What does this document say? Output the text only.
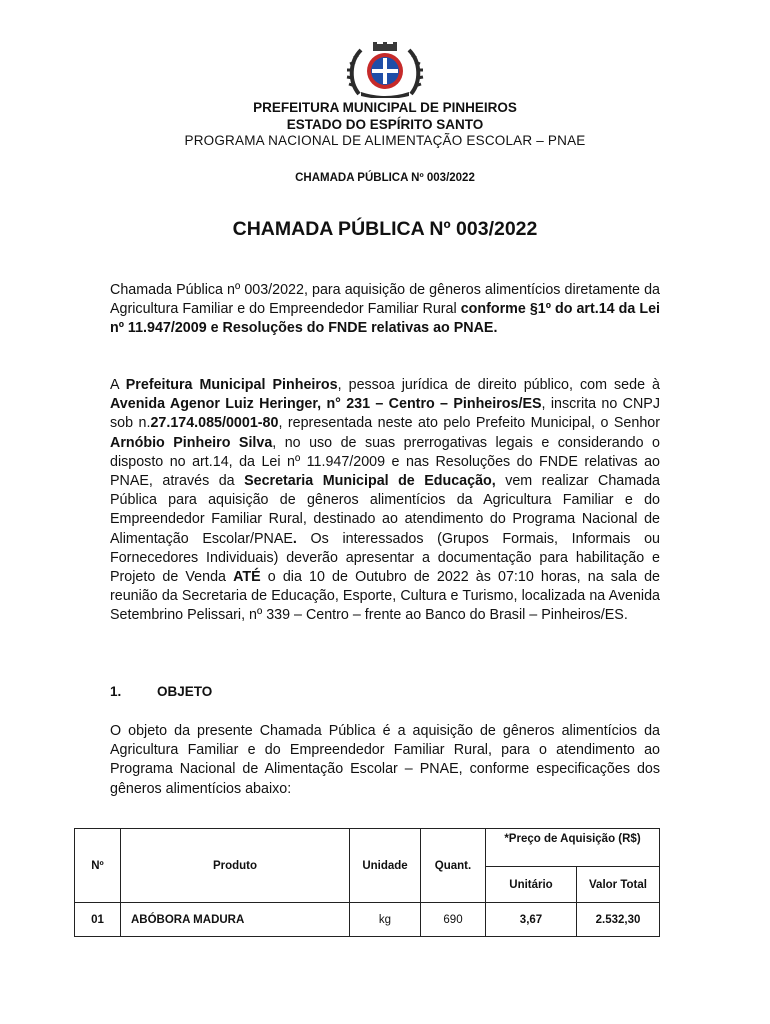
PREFEITURA MUNICIPAL DE PINHEIROS
ESTADO DO ESPÍRITO SANTO
PROGRAMA NACIONAL DE ALIMENTAÇÃO ESCOLAR – PNAE
CHAMADA PÚBLICA Nº 003/2022
CHAMADA PÚBLICA Nº 003/2022

Chamada Pública nº 003/2022, para aquisição de gêneros alimentícios diretamente da Agricultura Familiar e do Empreendedor Familiar Rural conforme §1º do art.14 da Lei nº 11.947/2009 e Resoluções do FNDE relativas ao PNAE.

A Prefeitura Municipal Pinheiros, pessoa jurídica de direito público, com sede à Avenida Agenor Luiz Heringer, n° 231 – Centro – Pinheiros/ES, inscrita no CNPJ sob n.27.174.085/0001-80, representada neste ato pelo Prefeito Municipal, o Senhor Arnóbio Pinheiro Silva, no uso de suas prerrogativas legais e considerando o disposto no art.14, da Lei nº 11.947/2009 e nas Resoluções do FNDE relativas ao PNAE, através da Secretaria Municipal de Educação, vem realizar Chamada Pública para aquisição de gêneros alimentícios da Agricultura Familiar e do Empreendedor Familiar Rural, destinado ao atendimento do Programa Nacional de Alimentação Escolar/PNAE. Os interessados (Grupos Formais, Informais ou Fornecedores Individuais) deverão apresentar a documentação para habilitação e Projeto de Venda ATÉ o dia 10 de Outubro de 2022 às 07:10 horas, na sala de reunião da Secretaria de Educação, Esporte, Cultura e Turismo, localizada na Avenida Setembrino Pelissari, nº 339 – Centro – frente ao Banco do Brasil – Pinheiros/ES.

1.	OBJETO

O objeto da presente Chamada Pública é a aquisição de gêneros alimentícios da Agricultura Familiar e do Empreendedor Familiar Rural, para o atendimento ao Programa Nacional de Alimentação Escolar – PNAE, conforme especificações dos gêneros alimentícios abaixo:

Nº	Produto	Unidade	Quant.	*Preço de Aquisição (R$)	
				Unitário	Valor Total
01	ABÓBORA MADURA	kg	690	3,67	2.532,30
